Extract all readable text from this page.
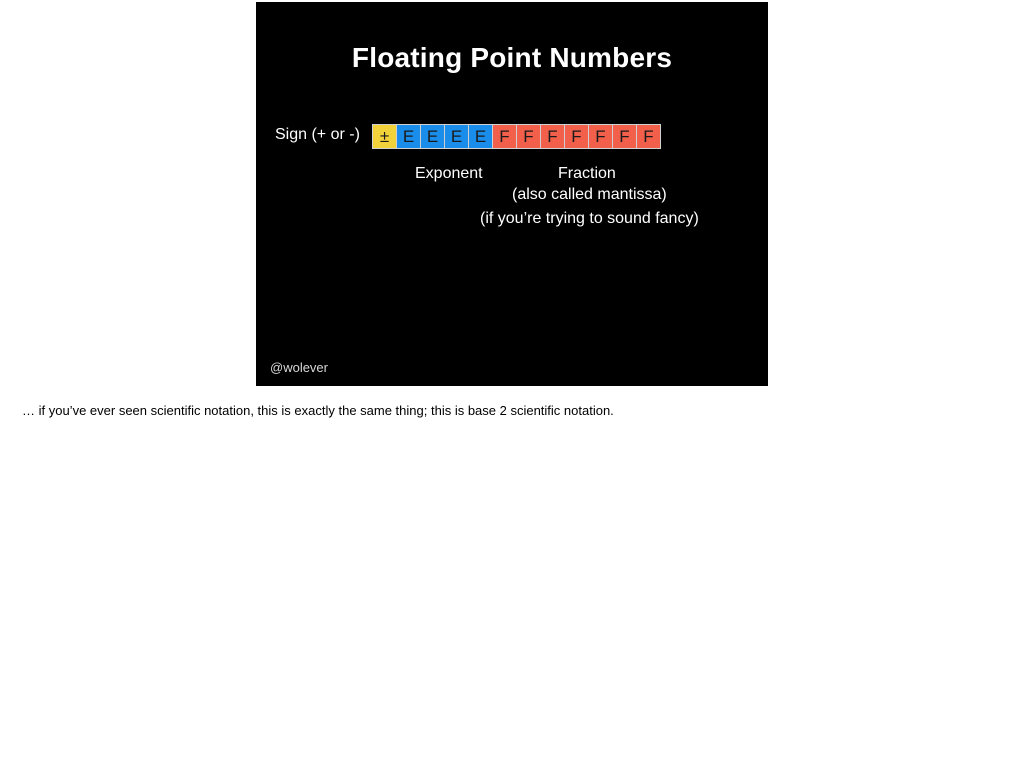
Floating Point Numbers
Sign (+ or -)	± E E E E F F F F F F F
Exponent	Fraction
(also called mantissa)
(if you’re trying to sound fancy)
@wolever
… if you’ve ever seen scientific notation, this is exactly the same thing; this is base 2 scientific notation.
